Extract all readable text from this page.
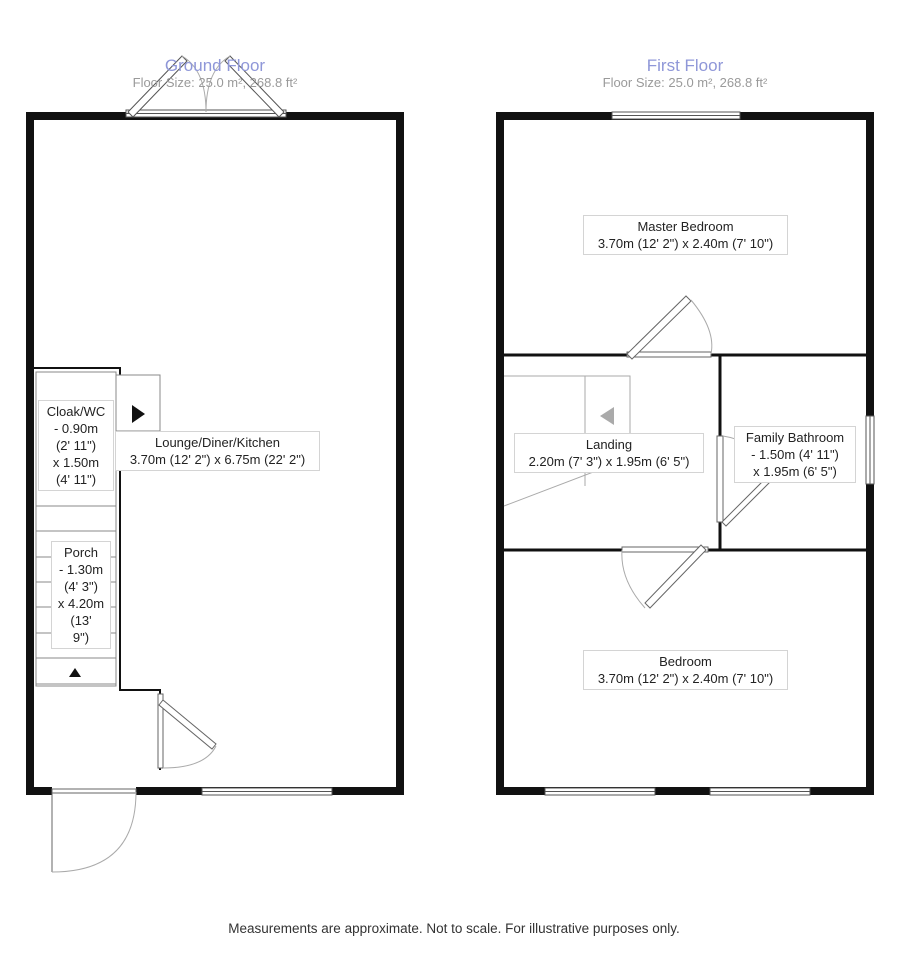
Ground Floor
Floor Size: 25.0 m², 268.8 ft²
First Floor
Floor Size: 25.0 m², 268.8 ft²
Lounge/Diner/Kitchen
3.70m (12' 2") x 6.75m (22' 2")
Cloak/WC
- 0.90m
(2' 11")
x 1.50m
(4' 11")
Porch
- 1.30m
(4' 3")
x 4.20m
(13'
9")
Master Bedroom
3.70m (12' 2") x 2.40m (7' 10")
Landing
2.20m (7' 3") x 1.95m (6' 5")
Family Bathroom
- 1.50m (4' 11")
x 1.95m (6' 5")
Bedroom
3.70m (12' 2") x 2.40m (7' 10")
Measurements are approximate. Not to scale. For illustrative purposes only.
